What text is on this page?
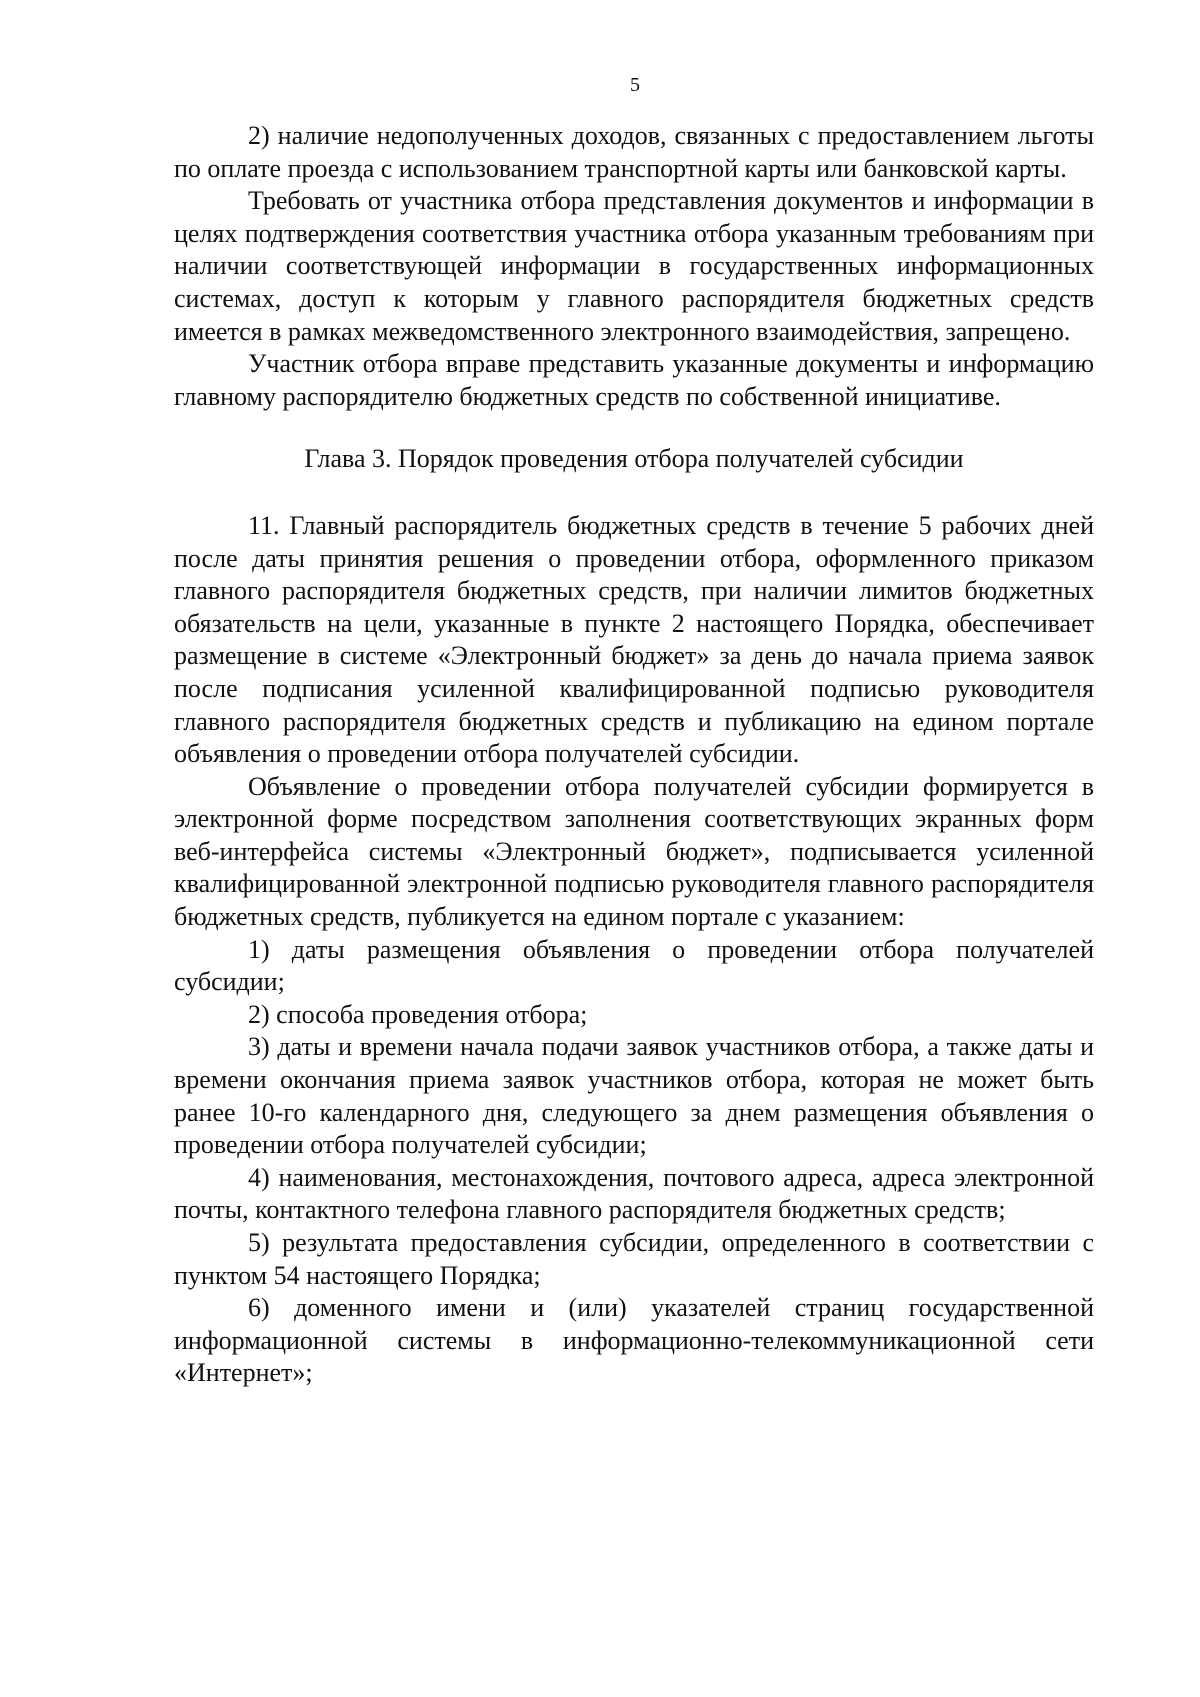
5

2) наличие недополученных доходов, связанных с предоставлением льготы по оплате проезда с использованием транспортной карты или банковской карты.

Требовать от участника отбора представления документов и информации в целях подтверждения соответствия участника отбора указанным требованиям при наличии соответствующей информации в государственных информационных системах, доступ к которым у главного распорядителя бюджетных средств имеется в рамках межведомственного электронного взаимодействия, запрещено.

Участник отбора вправе представить указанные документы и информацию главному распорядителю бюджетных средств по собственной инициативе.

Глава 3. Порядок проведения отбора получателей субсидии

11. Главный распорядитель бюджетных средств в течение 5 рабочих дней после даты принятия решения о проведении отбора, оформленного приказом главного распорядителя бюджетных средств, при наличии лимитов бюджетных обязательств на цели, указанные в пункте 2 настоящего Порядка, обеспечивает размещение в системе «Электронный бюджет» за день до начала приема заявок после подписания усиленной квалифицированной подписью руководителя главного распорядителя бюджетных средств и публикацию на едином портале объявления о проведении отбора получателей субсидии.

Объявление о проведении отбора получателей субсидии формируется в электронной форме посредством заполнения соответствующих экранных форм веб-интерфейса системы «Электронный бюджет», подписывается усиленной квалифицированной электронной подписью руководителя главного распорядителя бюджетных средств, публикуется на едином портале с указанием:

1) даты размещения объявления о проведении отбора получателей субсидии;

2) способа проведения отбора;

3) даты и времени начала подачи заявок участников отбора, а также даты и времени окончания приема заявок участников отбора, которая не может быть ранее 10-го календарного дня, следующего за днем размещения объявления о проведении отбора получателей субсидии;

4) наименования, местонахождения, почтового адреса, адреса электронной почты, контактного телефона главного распорядителя бюджетных средств;

5) результата предоставления субсидии, определенного в соответствии с пунктом 54 настоящего Порядка;

6) доменного имени и (или) указателей страниц государственной информационной системы в информационно-телекоммуникационной сети «Интернет»;
